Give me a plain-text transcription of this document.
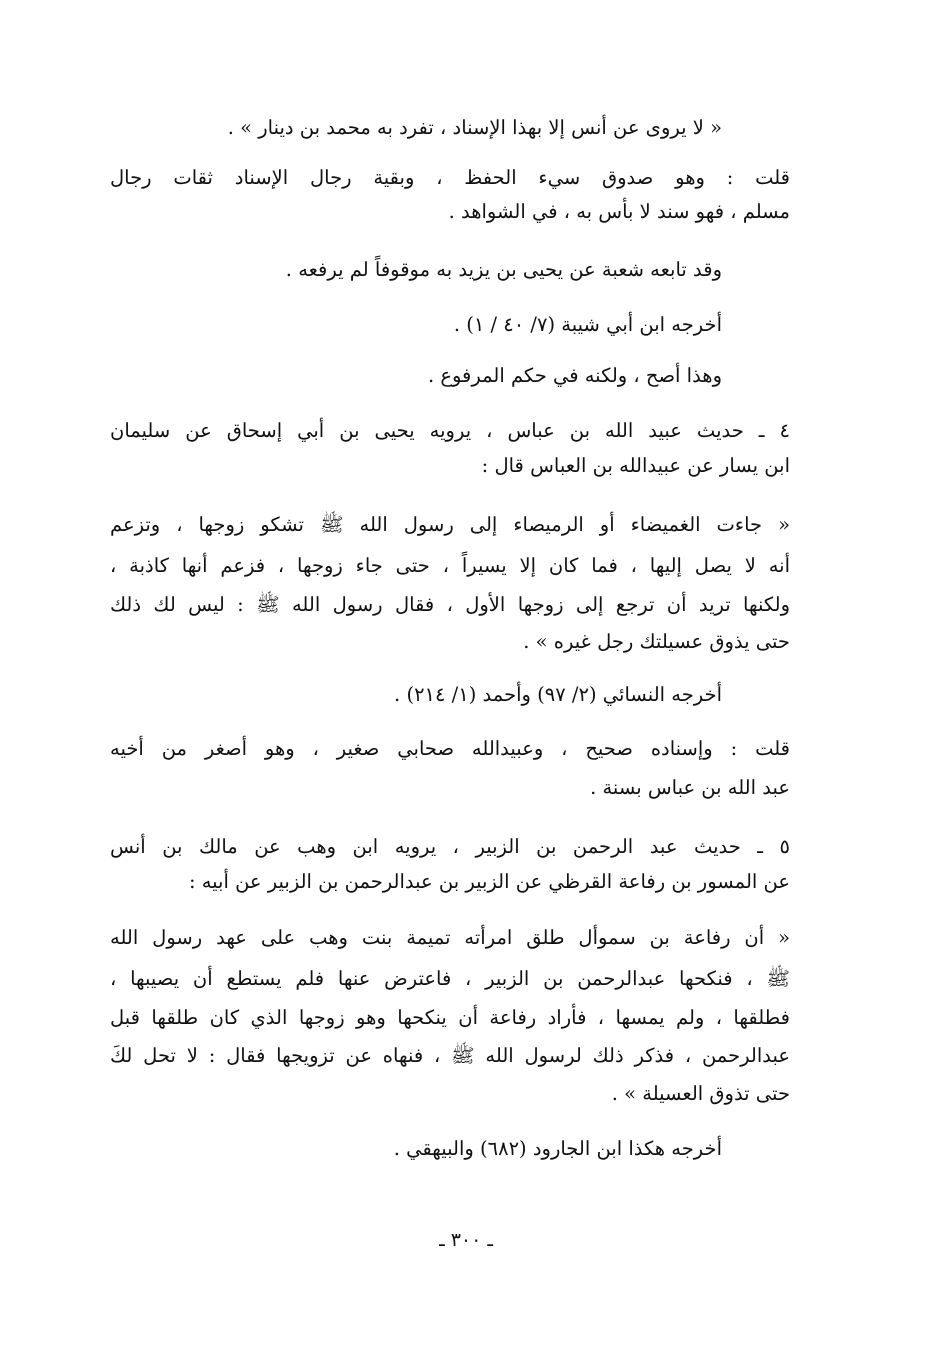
« لا يروى عن أنس إلا بهذا الإسناد ، تفرد به محمد بن دينار » .
قلت : وهو صدوق سيء الحفظ ، وبقية رجال الإسناد ثقات رجال
مسلم ، فهو سند لا بأس به ، في الشواهد .
وقد تابعه شعبة عن يحيى بن يزيد به موقوفاً لم يرفعه .
أخرجه ابن أبي شيبة (٧/ ٤٠ / ١) .
وهذا أصح ، ولكنه في حكم المرفوع .
٤ ـ حديث عبيد الله بن عباس ، يرويه يحيى بن أبي إسحاق عن سليمان
ابن يسار عن عبيدالله بن العباس قال :
« جاءت الغميضاء أو الرميصاء إلى رسول الله ﷺ تشكو زوجها ، وتزعم
أنه لا يصل إليها ، فما كان إلا يسيراً ، حتى جاء زوجها ، فزعم أنها كاذبة ،
ولكنها تريد أن ترجع إلى زوجها الأول ، فقال رسول الله ﷺ : ليس لك ذلك
حتى يذوق عسيلتك رجل غيره » .
أخرجه النسائي (٢/ ٩٧) وأحمد (١/ ٢١٤) .
قلت : وإسناده صحيح ، وعبيدالله صحابي صغير ، وهو أصغر من أخيه
عبد الله بن عباس بسنة .
٥ ـ حديث عبد الرحمن بن الزبير ، يرويه ابن وهب عن مالك بن أنس
عن المسور بن رفاعة القرظي عن الزبير بن عبدالرحمن بن الزبير عن أبيه :
« أن رفاعة بن سموأل طلق امرأته تميمة بنت وهب على عهد رسول الله
ﷺ ، فنكحها عبدالرحمن بن الزبير ، فاعترض عنها فلم يستطع أن يصيبها ،
فطلقها ، ولم يمسها ، فأراد رفاعة أن ينكحها وهو زوجها الذي كان طلقها قبل
عبدالرحمن ، فذكر ذلك لرسول الله ﷺ ، فنهاه عن تزويجها فقال : لا تحل لكَ
حتى تذوق العسيلة » .
أخرجه هكذا ابن الجارود (٦٨٢) والبيهقي .
ـ ٣٠٠ ـ
